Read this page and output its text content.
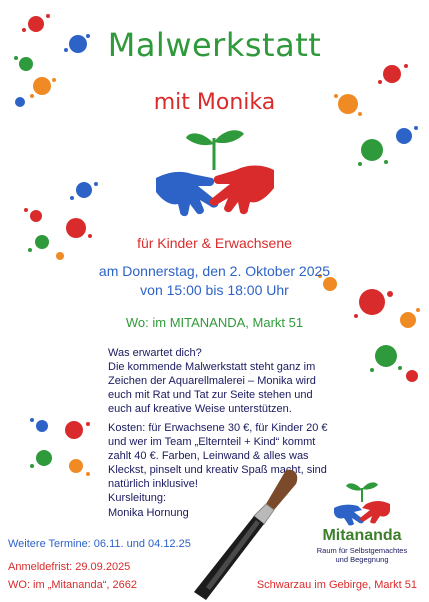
Malwerkstatt
mit Monika
für Kinder & Erwachsene
am Donnerstag, den 2. Oktober 2025
von 15:00 bis 18:00 Uhr
Wo: im MITANANDA, Markt 51

Was erwartet dich?

Die kommende Malwerkstatt steht ganz im Zeichen der Aquarellmalerei – Monika wird euch mit Rat und Tat zur Seite stehen und euch auf kreative Weise unterstützen.

Kosten: für Erwachsene 30 €, für Kinder 20 € und wer im Team „Elternteil + Kind“ kommt zahlt 40 €. Farben, Leinwand & alles was Kleckst, pinselt und kreativ Spaß macht, sind natürlich inklusive!
Kursleitung:
Monika Hornung
Weitere Termine: 06.11. und 04.12.25
Anmeldefrist: 29.09.2025
WO: im „Mitananda“, 2662	Schwarzau im Gebirge, Markt 51
Mitananda
Raum für Selbstgemachtes
und Begegnung
